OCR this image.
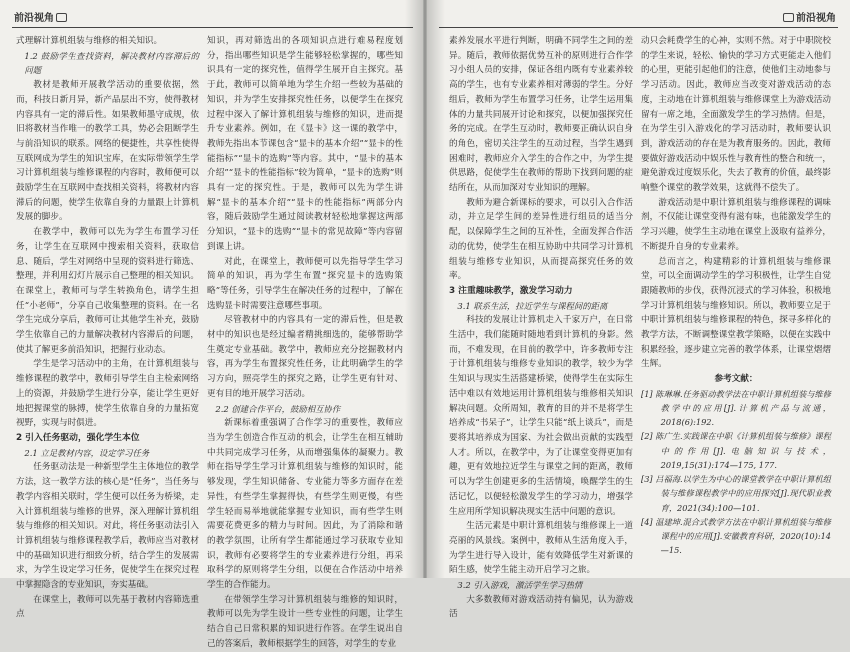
前沿视角

式理解计算机组装与维修的相关知识。

1.2 鼓励学生查找资料，解决教材内容滞后的问题

教材是教师开展教学活动的重要依据，然而，科技日新月异，新产品层出不穷，使得教材内容具有一定的滞后性。如果教师墨守成规，依旧将教材当作唯一的教学工具，势必会阻断学生与前沿知识的联系。网络的便捷性，共享性使得互联网成为学生的知识宝库，在实际带领学生学习计算机组装与维修课程的内容时，教师便可以鼓励学生在互联网中查找相关资料，将教材内容滞后的问题，使学生依靠自身的力量跟上计算机发展的脚步。

在教学中，教师可以先为学生布置学习任务，让学生在互联网中搜索相关资料，获取信息、随后，学生对网络中呈现的资料进行筛选、整理，并利用幻灯片展示自己整理的相关知识。在课堂上，教师可与学生转换角色，请学生担任“小老师”，分享自己收集整理的资料。在一名学生完成分享后，教师可让其他学生补充，鼓励学生依靠自己的力量解决教材内容滞后的问题，使其了解更多前沿知识，把握行业动态。

学生是学习活动中的主角，在计算机组装与维修课程的教学中，教师引导学生自主检索网络上的资源，并鼓励学生进行分享，能让学生更好地把握课堂的脉搏，使学生依靠自身的力量拓宽视野，实现与时俱进。

2 引入任务驱动，强化学生本位

2.1 立足教材内容，设定学习任务

任务驱动法是一种新型学生主体地位的教学方法，这一教学方法的核心是“任务”，当任务与教学内容相关联时，学生便可以任务为桥梁，走入计算机组装与维修的世界，深入理解计算机组装与维修的相关知识。对此，将任务驱动法引入计算机组装与维修课程教学后，教师应当对教材中的基础知识进行细致分析，结合学生的发展需求，为学生设定学习任务，促使学生在探究过程中掌握隐含的专业知识，夯实基础。

在课堂上，教师可以先基于教材内容筛选重点

知识，再对筛选出的各项知识点进行难易程度划分，指出哪些知识是学生能够轻松掌握的，哪些知识具有一定的探究性，值得学生展开自主探究。基于此，教师可以简单地为学生介绍一些较为基础的知识，并为学生安排探究性任务，以便学生在探究过程中深入了解计算机组装与维修的知识，进而提升专业素养。例如，在《显卡》这一课的教学中，教师先指出本节课包含“显卡的基本介绍”“显卡的性能指标”“显卡的选购”等内容。其中，“显卡的基本介绍”“显卡的性能指标”较为简单，“显卡的选购”则具有一定的探究性。于是，教师可以先为学生讲解“显卡的基本介绍”“显卡的性能指标”两部分内容，随后鼓励学生通过阅读教材轻松地掌握这两部分知识，“显卡的选购”“显卡的常见故障”等内容留到课上讲。

对此，在课堂上，教师便可以先指导学生学习简单的知识，再为学生布置“探究显卡的选购策略”等任务，引导学生在解决任务的过程中，了解在选购显卡时需要注意哪些事项。

尽管教材中的内容具有一定的滞后性，但是教材中的知识也是经过编者精挑细选的，能够帮助学生奠定专业基础。教学中，教师应充分挖掘教材内容，再为学生布置探究性任务，让此明确学生的学习方向，照亮学生的探究之路，让学生更有针对、更有目的地开展学习活动。

2.2 创建合作平台，鼓励相互协作

新课标着重强调了合作学习的重要性，教师应当为学生创造合作互动的机会，让学生在相互辅助中共同完成学习任务，从而增强集体的凝聚力。教师在指导学生学习计算机组装与维修的知识时，能够发现，学生知识储备、专业能力等多方面存在差异性，有些学生掌握得快，有些学生则更慢，有些学生轻而易举地就能掌握专业知识，而有些学生则需要花费更多的精力与时间。因此，为了消除和谐的教学氛围，让所有学生都能通过学习获取专业知识，教师有必要将学生的专业素养进行分组，再采取科学的原则将学生分组，以便在合作活动中培养学生的合作能力。

在带领学生学习计算机组装与维修的知识时，教师可以先为学生设计一些专业性的问题，让学生结合自己日常积累的知识进行作答。在学生说出自己的答案后，教师根据学生的回答，对学生的专业

前沿视角

素养发展水平进行判断，明确不同学生之间的差异。随后，教师依据优势互补的原则进行合作学习小组人员的安排，保证各组内既有专业素养较高的学生，也有专业素养相对薄弱的学生。分好组后，教师为学生布置学习任务，让学生运用集体的力量共同展开讨论和探究，以便加强探究任务的完成。在学生互动时，教师要正确认识自身的角色，密切关注学生的互动过程，当学生遇到困难时，教师应介入学生的合作之中，为学生提供思路，促使学生在教师的帮助下找到问题的症结所在，从而加深对专业知识的理解。

教师为避合新课标的要求，可以引入合作活动，并立足学生间的差异性进行组员的适当分配，以保障学生之间的互补性，全面发挥合作活动的优势，使学生在相互协助中共同学习计算机组装与维修专业知识，从而提高探究任务的效率。

3 注重趣味教学，激发学习动力

3.1 联系生活，拉近学生与课程间的距离

科技的发展让计算机走入千家万户，在日常生活中，我们能随时随地看到计算机的身影。然而，不难发现，在目前的教学中，许多教师专注于计算机组装与维修专业知识的教学，较少为学生知识与现实生活搭建桥梁，使得学生在实际生活中难以有效地运用计算机组装与维修相关知识解决问题。众所周知，教育的目的并不是将学生培养成“书呆子”，让学生只能“纸上谈兵”，而是要将其培养成为国家、为社会做出贡献的实践型人才。所以，在教学中，为了让课堂变得更加有趣，更有效地拉近学生与课堂之间的距离，教师可以为学生创建更多的生活情境，唤醒学生的生活记忆，以便轻松激发学生的学习动力，增强学生应用所学知识解决现实生活中问题的意识。

生活元素是中职计算机组装与维修课上一道亮丽的风景线。案例中，教师从生活角度入手，为学生进行导入设计，能有效降低学生对新课的陌生感，使学生能主动开启学习之旅。

3.2 引入游戏，激活学生学习热情

大多数教师对游戏活动持有偏见，认为游戏活

动只会耗费学生的心神，实则不然。对于中职院校的学生来说，轻松、愉快的学习方式更能走入他们的心里，更能引起他们的注意，使他们主动地参与学习活动。因此，教师应当改变对游戏活动的态度，主动地在计算机组装与维修课堂上为游戏活动留有一席之地，全面激发学生的学习热情。但是，在为学生引入游戏化的学习活动时，教师要认识到，游戏活动的存在是为教育服务的。因此，教师要做好游戏活动中娱乐性与教育性的整合和统一，避免游戏过度娱乐化，失去了教育的价值，最终影响整个课堂的教学效果，这就得不偿失了。

游戏活动是中职计算机组装与维修课程的调味剂，不仅能让课堂变得有滋有味，也能激发学生的学习兴趣，使学生主动地在课堂上汲取有益养分，不断提升自身的专业素养。

总而言之，构建精彩的计算机组装与维修课堂，可以全面调动学生的学习积极性，让学生自觉跟随教师的步伐，获得沉浸式的学习体验，积极地学习计算机组装与维修知识。所以，教师要立足于中职计算机组装与维修课程的特色，探寻多样化的教学方法，不断调整课堂教学策略，以便在实践中积累经验，逐步建立完善的教学体系，让课堂熠熠生辉。

参考文献：

[1] 陈琳琳.任务驱动教学法在中职计算机组装与维修教学中的应用[J].计算机产品与流通，2018(6):192.

[2] 陈广生.实践课在中职《计算机组装与维修》课程中的作用[J].电脑知识与技术，2019,15(31):174—175, 177.

[3] 吕福海.以学生为中心的课堂教学在中职计算机组装与维修课程教学中的应用探究[J].现代职业教育，2021(34):100—101.

[4] 温建坤.混合式教学方法在中职计算机组装与维修课程中的应用[J].安徽教育科研，2020(10):14—15.
